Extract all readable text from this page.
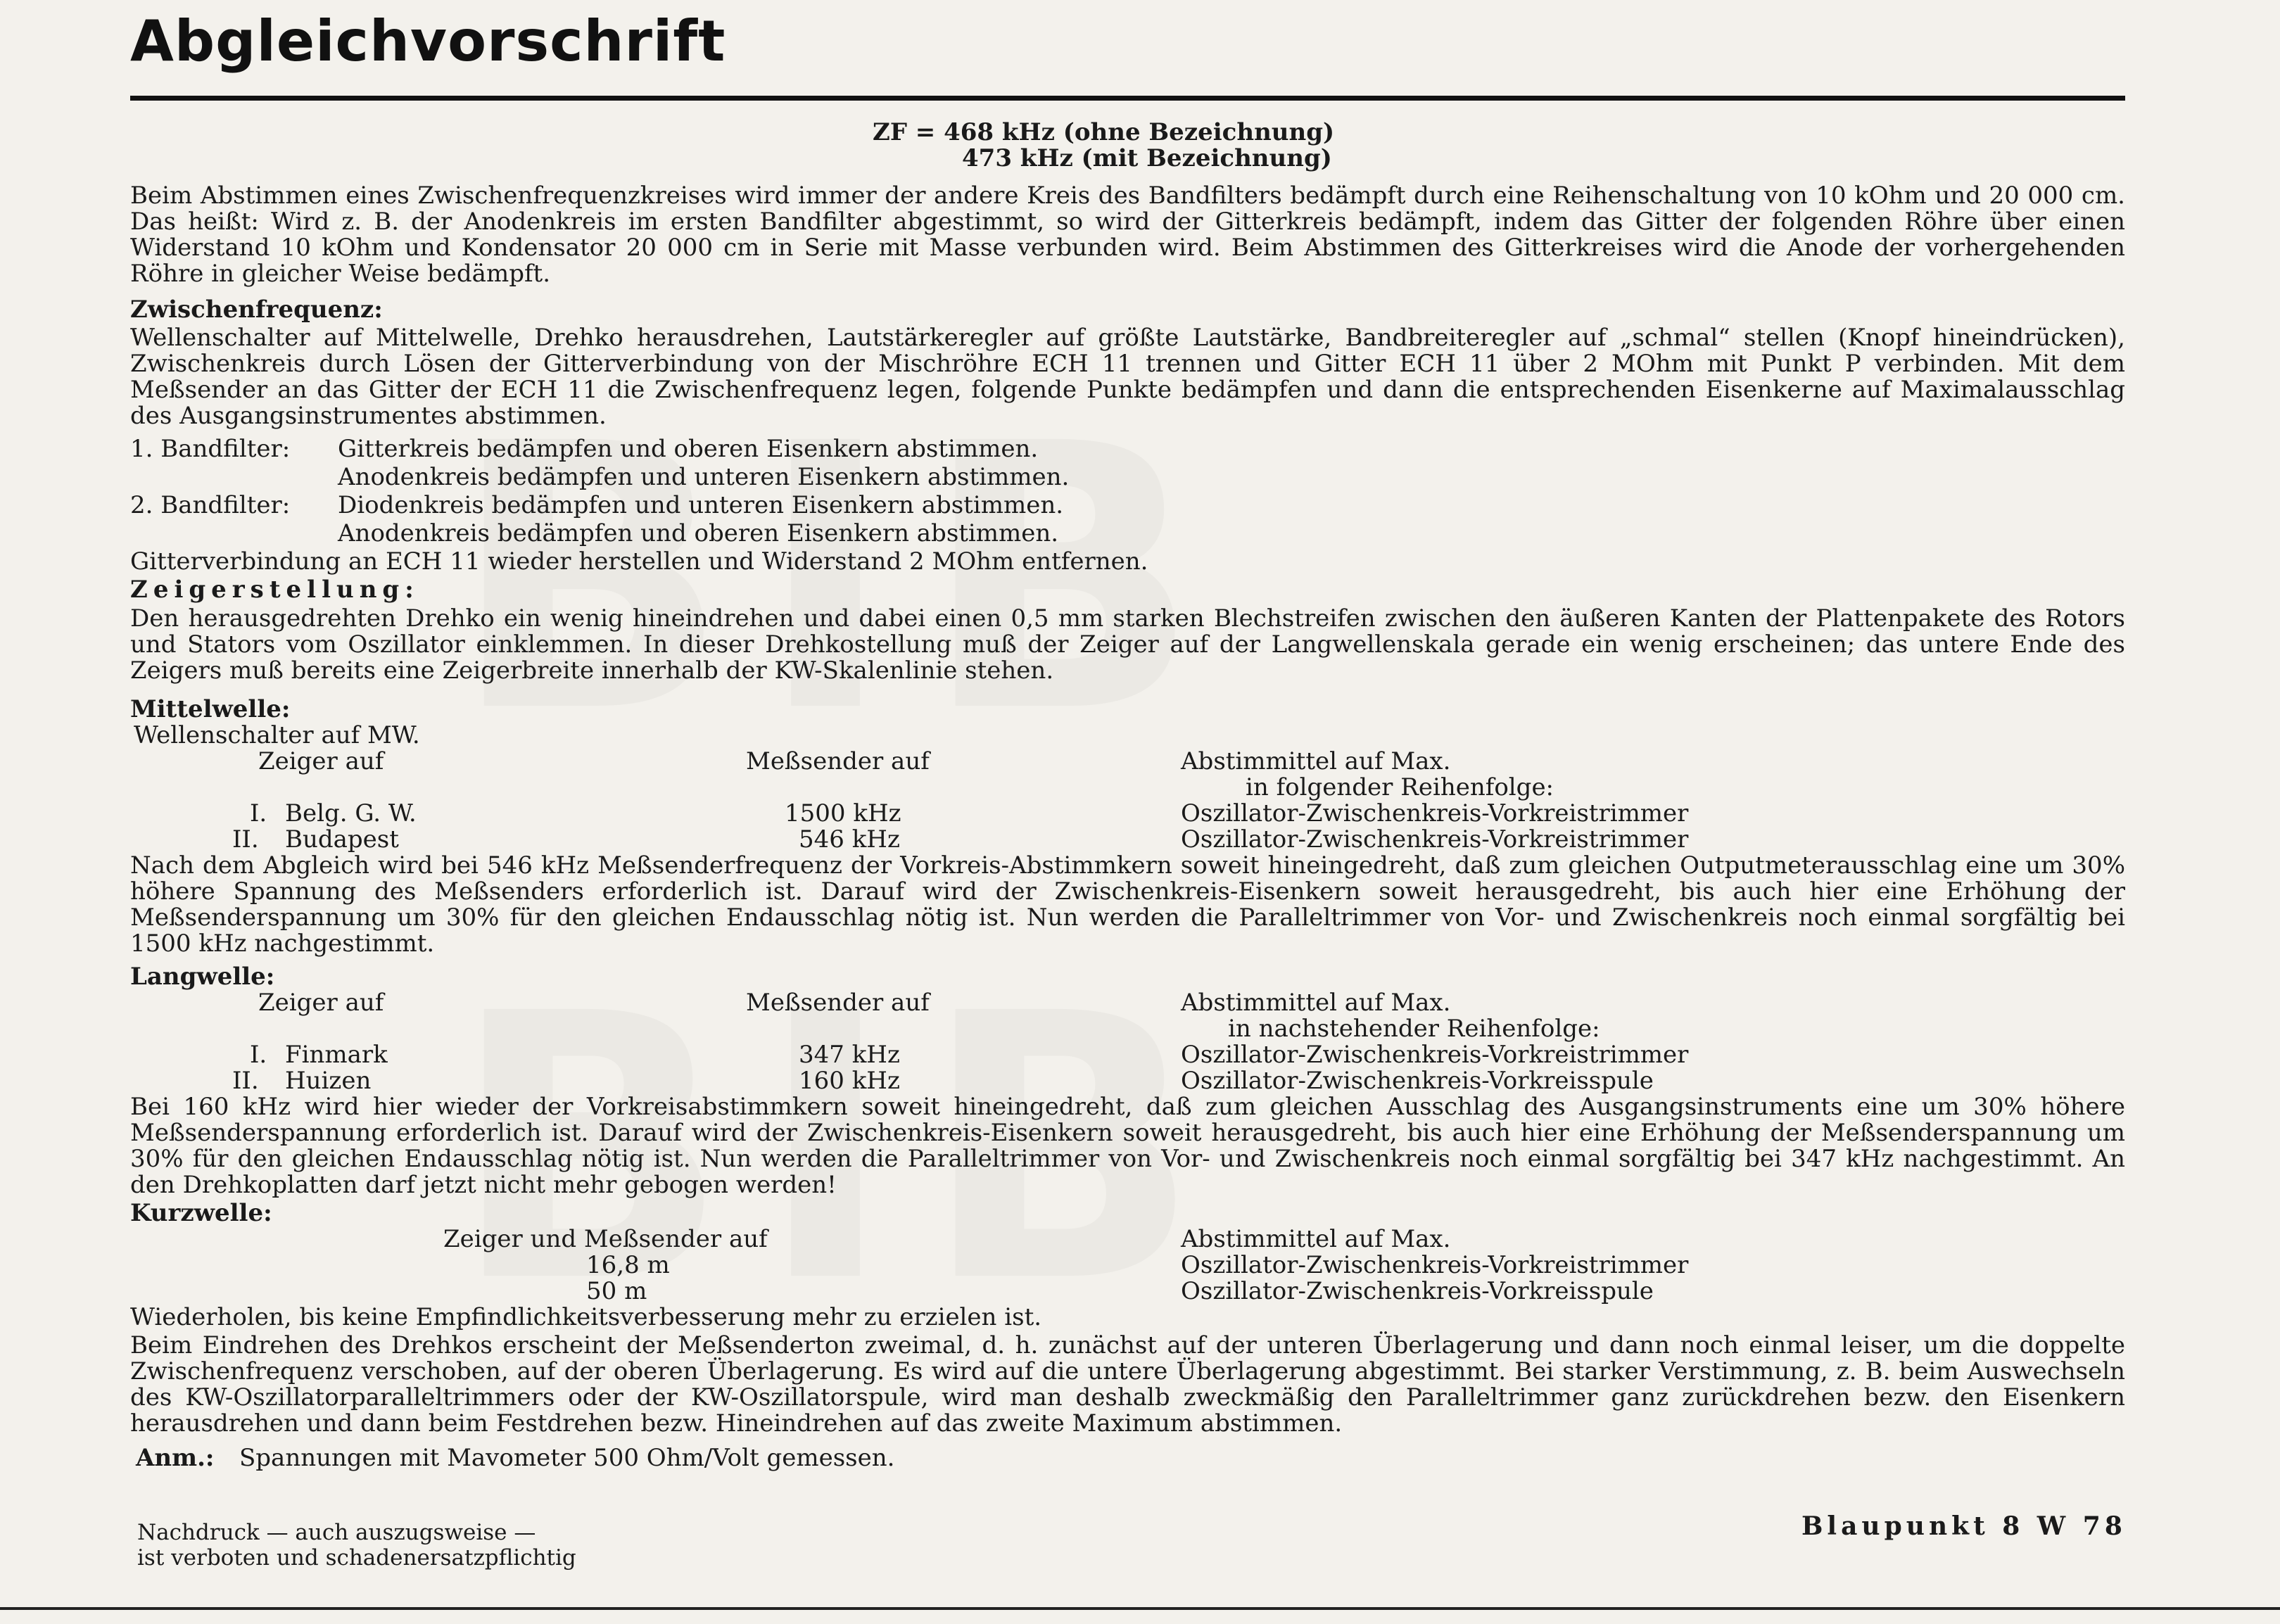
Abgleichvorschrift
ZF = 468 kHz (ohne Bezeichnung)
473 kHz (mit Bezeichnung)

Beim Abstimmen eines Zwischenfrequenzkreises wird immer der andere Kreis des Bandfilters bedämpft durch eine Reihenschaltung von 10 kOhm und 20 000 cm. Das heißt: Wird z. B. der Anodenkreis im ersten Bandfilter abgestimmt, so wird der Gitterkreis bedämpft, indem das Gitter der folgenden Röhre über einen Widerstand 10 kOhm und Kondensator 20 000 cm in Serie mit Masse verbunden wird. Beim Abstimmen des Gitterkreises wird die Anode der vorhergehenden Röhre in gleicher Weise bedämpft.

Zwischenfrequenz:

Wellenschalter auf Mittelwelle, Drehko herausdrehen, Lautstärkeregler auf größte Lautstärke, Bandbreiteregler auf „schmal“ stellen (Knopf hineindrücken), Zwischenkreis durch Lösen der Gitterverbindung von der Mischröhre ECH 11 trennen und Gitter ECH 11 über 2 MOhm mit Punkt P verbinden. Mit dem Meßsender an das Gitter der ECH 11 die Zwischenfrequenz legen, folgende Punkte bedämpfen und dann die entsprechenden Eisenkerne auf Maximalausschlag des Ausgangsinstrumentes abstimmen.

1. Bandfilter: Gitterkreis bedämpfen und oberen Eisenkern abstimmen.
Anodenkreis bedämpfen und unteren Eisenkern abstimmen.
2. Bandfilter: Diodenkreis bedämpfen und unteren Eisenkern abstimmen.
Anodenkreis bedämpfen und oberen Eisenkern abstimmen.
Gitterverbindung an ECH 11 wieder herstellen und Widerstand 2 MOhm entfernen.

Zeigerstellung:

Den herausgedrehten Drehko ein wenig hineindrehen und dabei einen 0,5 mm starken Blechstreifen zwischen den äußeren Kanten der Plattenpakete des Rotors und Stators vom Oszillator einklemmen. In dieser Drehkostellung muß der Zeiger auf der Langwellenskala gerade ein wenig erscheinen; das untere Ende des Zeigers muß bereits eine Zeigerbreite innerhalb der KW-Skalenlinie stehen.

Mittelwelle:

Wellenschalter auf MW.
Zeiger auf	Meßsender auf	Abstimmittel auf Max.
in folgender Reihenfolge:
I. Belg. G. W.	1500 kHz	Oszillator-Zwischenkreis-Vorkreistrimmer
II. Budapest	546 kHz	Oszillator-Zwischenkreis-Vorkreistrimmer

Nach dem Abgleich wird bei 546 kHz Meßsenderfrequenz der Vorkreis-Abstimmkern soweit hineingedreht, daß zum gleichen Outputmeterausschlag eine um 30% höhere Spannung des Meßsenders erforderlich ist. Darauf wird der Zwischenkreis-Eisenkern soweit herausgedreht, bis auch hier eine Erhöhung der Meßsenderspannung um 30% für den gleichen Endausschlag nötig ist. Nun werden die Paralleltrimmer von Vor- und Zwischenkreis noch einmal sorgfältig bei 1500 kHz nachgestimmt.

Langwelle:

Zeiger auf	Meßsender auf	Abstimmittel auf Max.
in nachstehender Reihenfolge:
I. Finmark	347 kHz	Oszillator-Zwischenkreis-Vorkreistrimmer
II. Huizen	160 kHz	Oszillator-Zwischenkreis-Vorkreisspule

Bei 160 kHz wird hier wieder der Vorkreisabstimmkern soweit hineingedreht, daß zum gleichen Ausschlag des Ausgangsinstruments eine um 30% höhere Meßsenderspannung erforderlich ist. Darauf wird der Zwischenkreis-Eisenkern soweit herausgedreht, bis auch hier eine Erhöhung der Meßsenderspannung um 30% für den gleichen Endausschlag nötig ist. Nun werden die Paralleltrimmer von Vor- und Zwischenkreis noch einmal sorgfältig bei 347 kHz nachgestimmt. An den Drehkoplatten darf jetzt nicht mehr gebogen werden!

Kurzwelle:

Zeiger und Meßsender auf	Abstimmittel auf Max.
16,8 m	Oszillator-Zwischenkreis-Vorkreistrimmer
50 m	Oszillator-Zwischenkreis-Vorkreisspule

Wiederholen, bis keine Empfindlichkeitsverbesserung mehr zu erzielen ist.

Beim Eindrehen des Drehkos erscheint der Meßsenderton zweimal, d. h. zunächst auf der unteren Überlagerung und dann noch einmal leiser, um die doppelte Zwischenfrequenz verschoben, auf der oberen Überlagerung. Es wird auf die untere Überlagerung abgestimmt. Bei starker Verstimmung, z. B. beim Auswechseln des KW-Oszillatorparalleltrimmers oder der KW-Oszillatorspule, wird man deshalb zweckmäßig den Paralleltrimmer ganz zurückdrehen bezw. den Eisenkern herausdrehen und dann beim Festdrehen bezw. Hineindrehen auf das zweite Maximum abstimmen.

Anm.: Spannungen mit Mavometer 500 Ohm/Volt gemessen.
Nachdruck — auch auszugsweise —
ist verboten und schadenersatzpflichtig
Blaupunkt 8 W 78
